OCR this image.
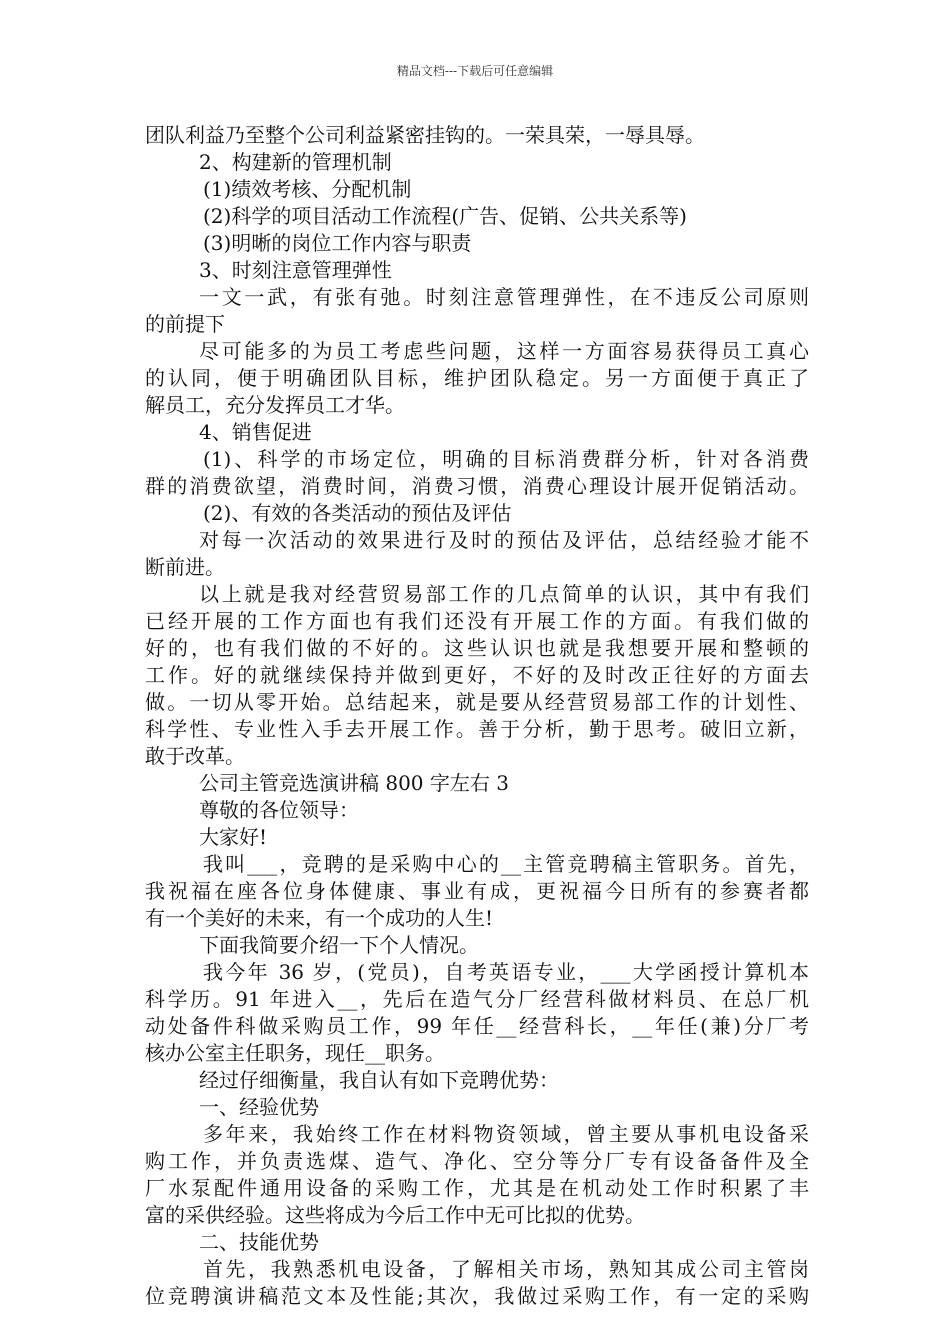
精品文档---下载后可任意编辑
团队利益乃至整个公司利益紧密挂钩的。一荣具荣，一辱具辱。
2、构建新的管理机制
(1)绩效考核、分配机制
(2)科学的项目活动工作流程(广告、促销、公共关系等)
(3)明晰的岗位工作内容与职责
3、时刻注意管理弹性
一文一武，有张有弛。时刻注意管理弹性，在不违反公司原则
的前提下
尽可能多的为员工考虑些问题，这样一方面容易获得员工真心
的认同，便于明确团队目标，维护团队稳定。另一方面便于真正了
解员工，充分发挥员工才华。
4、销售促进
(1)、科学的市场定位，明确的目标消费群分析，针对各消费
群的消费欲望，消费时间，消费习惯，消费心理设计展开促销活动。
(2)、有效的各类活动的预估及评估
对每一次活动的效果进行及时的预估及评估，总结经验才能不
断前进。
以上就是我对经营贸易部工作的几点简单的认识，其中有我们
已经开展的工作方面也有我们还没有开展工作的方面。有我们做的
好的，也有我们做的不好的。这些认识也就是我想要开展和整顿的
工作。好的就继续保持并做到更好，不好的及时改正往好的方面去
做。一切从零开始。总结起来，就是要从经营贸易部工作的计划性、
科学性、专业性入手去开展工作。善于分析，勤于思考。破旧立新，
敢于改革。
公司主管竞选演讲稿 800 字左右 3
尊敬的各位领导：
大家好!
我叫___，竞聘的是采购中心的__主管竞聘稿主管职务。首先，
我祝福在座各位身体健康、事业有成，更祝福今日所有的参赛者都
有一个美好的未来，有一个成功的人生!
下面我简要介绍一下个人情况。
我今年 36 岁，(党员)，自考英语专业，___大学函授计算机本
科学历。91 年进入__，先后在造气分厂经营科做材料员、在总厂机
动处备件科做采购员工作，99 年任__经营科长，__年任(兼)分厂考
核办公室主任职务，现任__职务。
经过仔细衡量，我自认有如下竞聘优势：
一、经验优势
多年来，我始终工作在材料物资领域，曾主要从事机电设备采
购工作，并负责选煤、造气、净化、空分等分厂专有设备备件及全
厂水泵配件通用设备的采购工作，尤其是在机动处工作时积累了丰
富的采供经验。这些将成为今后工作中无可比拟的优势。
二、技能优势
首先，我熟悉机电设备，了解相关市场，熟知其成公司主管岗
位竞聘演讲稿范文本及性能;其次，我做过采购工作，有一定的采购
